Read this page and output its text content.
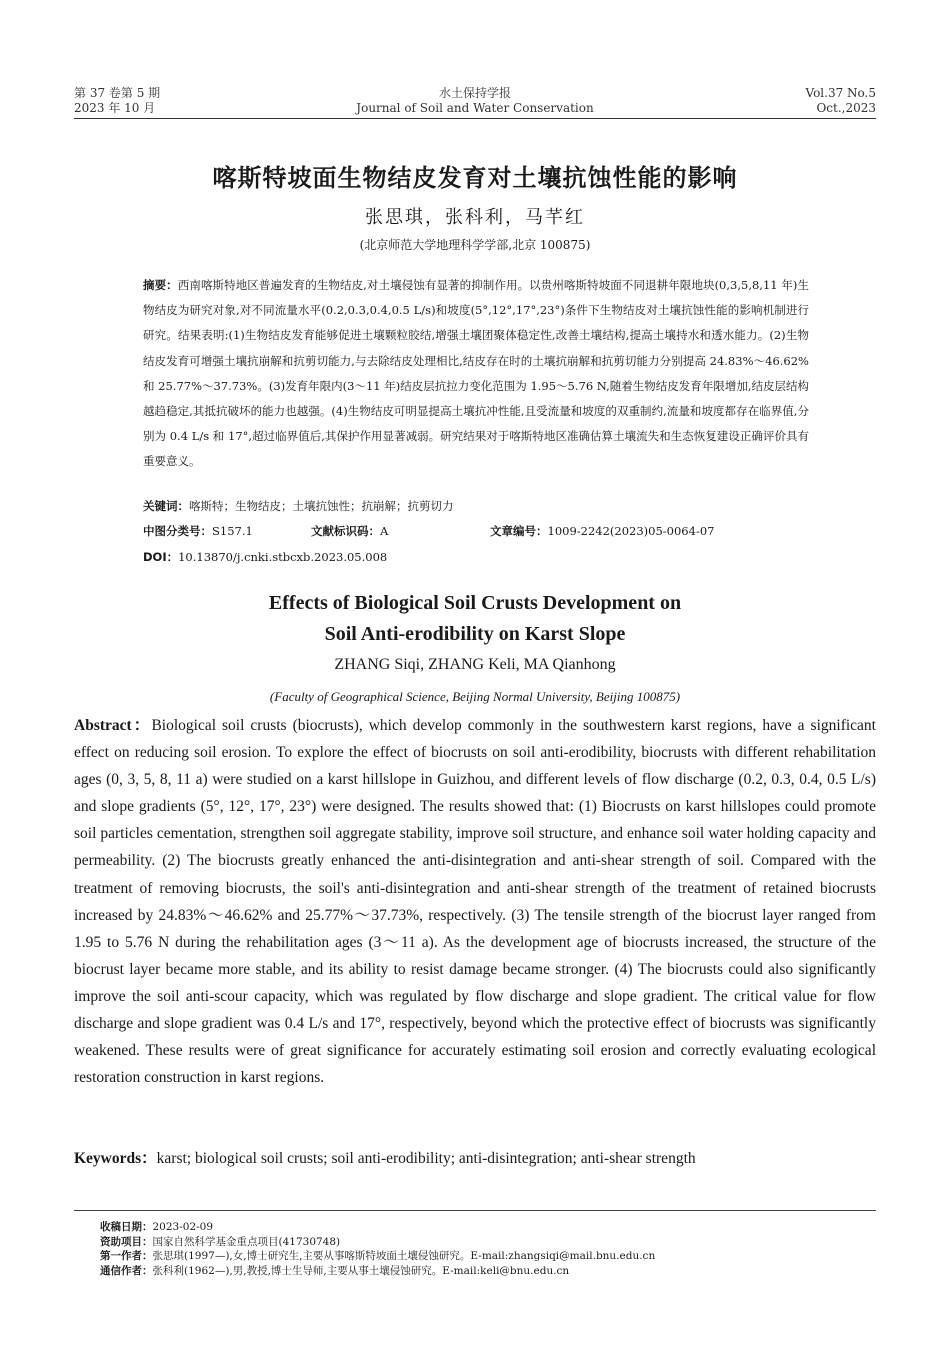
第 37 卷第 5 期
2023 年 10 月
水土保持学报
Journal of Soil and Water Conservation
Vol.37 No.5
Oct.,2023
喀斯特坡面生物结皮发育对土壤抗蚀性能的影响
张思琪，张科利，马芊红
(北京师范大学地理科学学部,北京 100875)
摘要：西南喀斯特地区普遍发育的生物结皮,对土壤侵蚀有显著的抑制作用。以贵州喀斯特坡面不同退耕年限地块(0,3,5,8,11 年)生物结皮为研究对象,对不同流量水平(0.2,0.3,0.4,0.5 L/s)和坡度(5°,12°,17°,23°)条件下生物结皮对土壤抗蚀性能的影响机制进行研究。结果表明:(1)生物结皮发育能够促进土壤颗粒胶结,增强土壤团聚体稳定性,改善土壤结构,提高土壤持水和透水能力。(2)生物结皮发育可增强土壤抗崩解和抗剪切能力,与去除结皮处理相比,结皮存在时的土壤抗崩解和抗剪切能力分别提高 24.83%～46.62%和 25.77%～37.73%。(3)发育年限内(3～11 年)结皮层抗拉力变化范围为 1.95～5.76 N,随着生物结皮发育年限增加,结皮层结构越趋稳定,其抵抗破坏的能力也越强。(4)生物结皮可明显提高土壤抗冲性能,且受流量和坡度的双重制约,流量和坡度都存在临界值,分别为 0.4 L/s 和 17°,超过临界值后,其保护作用显著减弱。研究结果对于喀斯特地区准确估算土壤流失和生态恢复建设正确评价具有重要意义。
关键词：喀斯特；生物结皮；土壤抗蚀性；抗崩解；抗剪切力
中图分类号：S157.1	文献标识码：A	文章编号：1009-2242(2023)05-0064-07
DOI：10.13870/j.cnki.stbcxb.2023.05.008
Effects of Biological Soil Crusts Development on
Soil Anti-erodibility on Karst Slope
ZHANG Siqi, ZHANG Keli, MA Qianhong
(Faculty of Geographical Science, Beijing Normal University, Beijing 100875)
Abstract：Biological soil crusts (biocrusts), which develop commonly in the southwestern karst regions, have a significant effect on reducing soil erosion. To explore the effect of biocrusts on soil anti-erodibility, biocrusts with different rehabilitation ages (0, 3, 5, 8, 11 a) were studied on a karst hillslope in Guizhou, and different levels of flow discharge (0.2, 0.3, 0.4, 0.5 L/s) and slope gradients (5°, 12°, 17°, 23°) were designed. The results showed that: (1) Biocrusts on karst hillslopes could promote soil particles cementation, strengthen soil aggregate stability, improve soil structure, and enhance soil water holding capacity and permeability. (2) The biocrusts greatly enhanced the anti-disintegration and anti-shear strength of soil. Compared with the treatment of removing biocrusts, the soil's anti-disintegration and anti-shear strength of the treatment of retained biocrusts increased by 24.83%～46.62% and 25.77%～37.73%, respectively. (3) The tensile strength of the biocrust layer ranged from 1.95 to 5.76 N during the rehabilitation ages (3～11 a). As the development age of biocrusts increased, the structure of the biocrust layer became more stable, and its ability to resist damage became stronger. (4) The biocrusts could also significantly improve the soil anti-scour capacity, which was regulated by flow discharge and slope gradient. The critical value for flow discharge and slope gradient was 0.4 L/s and 17°, respectively, beyond which the protective effect of biocrusts was significantly weakened. These results were of great significance for accurately estimating soil erosion and correctly evaluating ecological restoration construction in karst regions.
Keywords：karst; biological soil crusts; soil anti-erodibility; anti-disintegration; anti-shear strength
收稿日期：2023-02-09
资助项目：国家自然科学基金重点项目(41730748)
第一作者：张思琪(1997—),女,博士研究生,主要从事喀斯特坡面土壤侵蚀研究。E-mail:zhangsiqi@mail.bnu.edu.cn
通信作者：张科利(1962—),男,教授,博士生导师,主要从事土壤侵蚀研究。E-mail:keli@bnu.edu.cn
